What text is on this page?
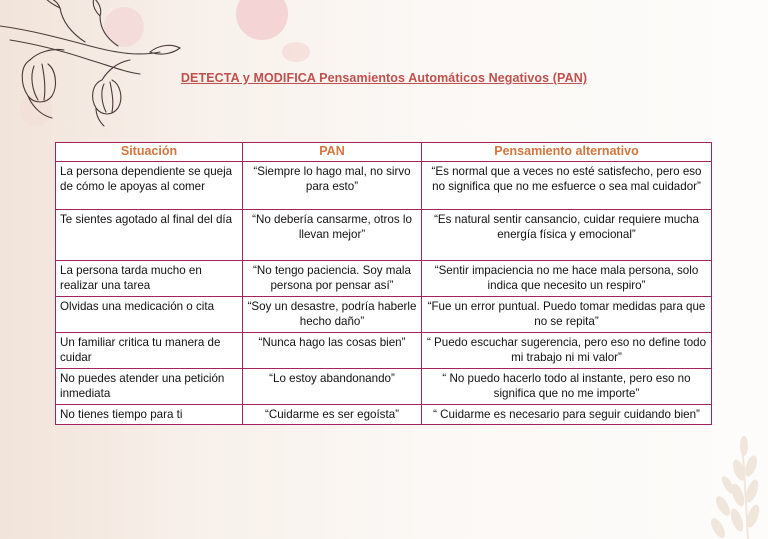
DETECTA y MODIFICA Pensamientos Automáticos Negativos (PAN)
Situación	PAN	Pensamiento alternativo
La persona dependiente se queja de cómo le apoyas al comer	“Siempre lo hago mal, no sirvo para esto”	“Es normal que a veces no esté satisfecho, pero eso no significa que no me esfuerce o sea mal cuidador”
Te sientes agotado al final del día	“No debería cansarme, otros lo llevan mejor”	“Es natural sentir cansancio, cuidar requiere mucha energía física y emocional”
La persona tarda mucho en realizar una tarea	“No tengo paciencia. Soy mala persona por pensar así”	“Sentir impaciencia no me hace mala persona, solo indica que necesito un respiro”
Olvidas una medicación o cita	“Soy un desastre, podría haberle hecho daño”	“Fue un error puntual. Puedo tomar medidas para que no se repita”
Un familiar critica tu manera de cuidar	“Nunca hago las cosas bien”	“ Puedo escuchar sugerencia, pero eso no define todo mi trabajo ni mi valor”
No puedes atender una petición inmediata	“Lo estoy abandonando”	“ No puedo hacerlo todo al instante, pero eso no significa que no me importe”
No tienes tiempo para ti	“Cuidarme es ser egoísta”	“ Cuidarme es necesario para seguir cuidando bien”
